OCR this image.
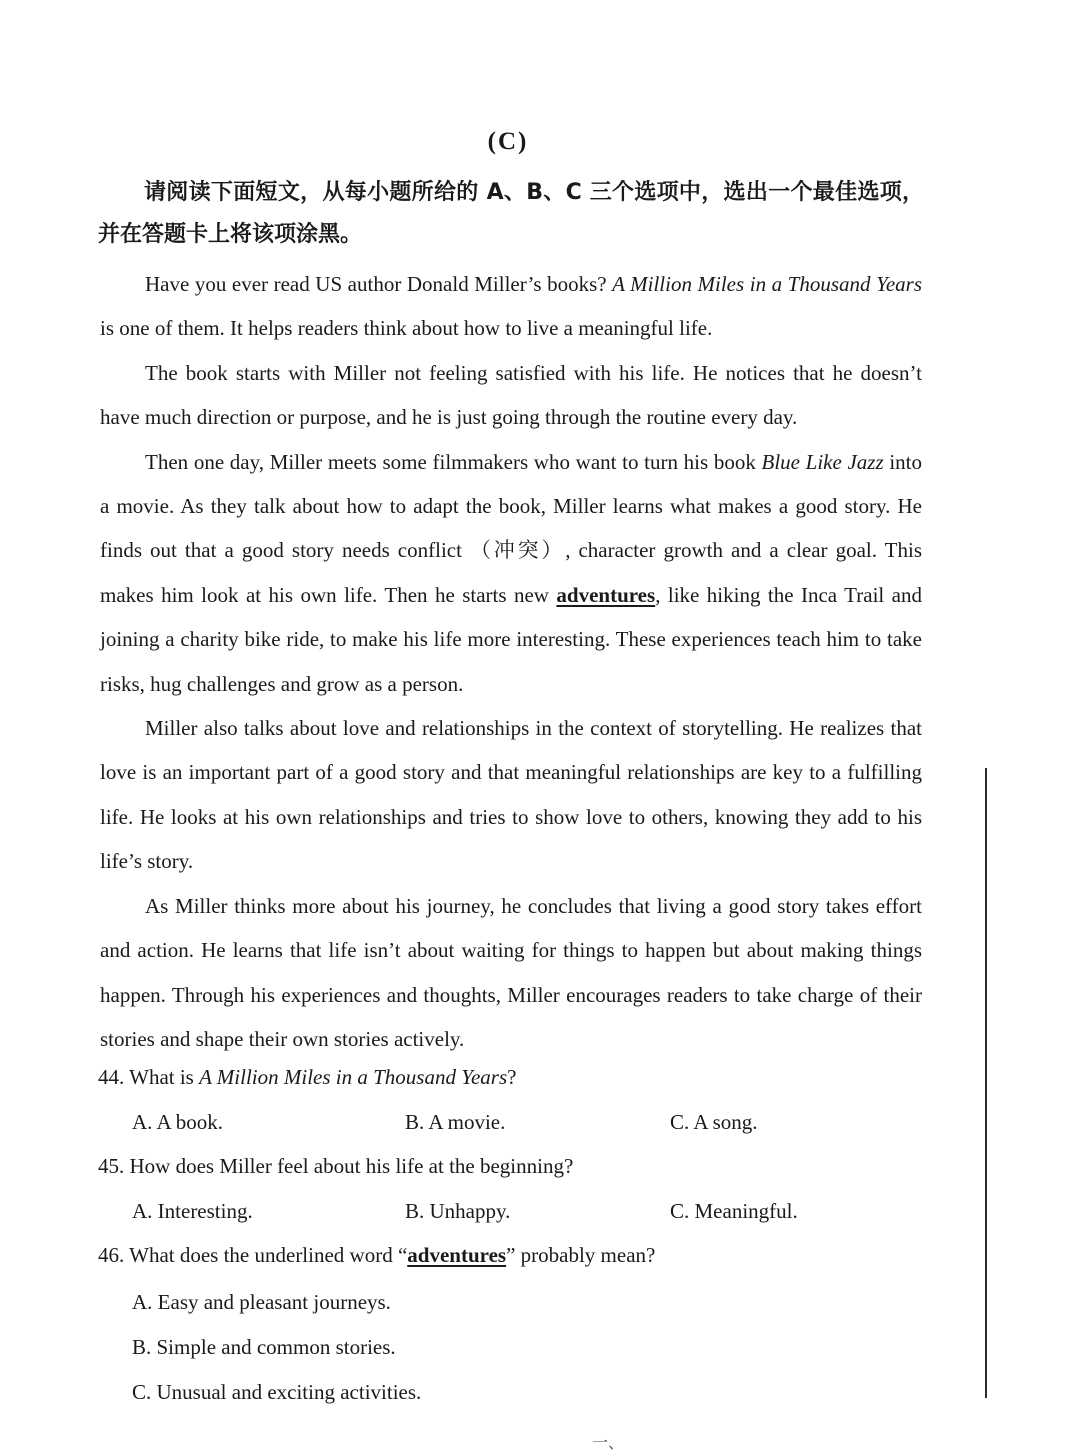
(C)

请阅读下面短文，从每小题所给的 A、B、C 三个选项中，选出一个最佳选项，并在答题卡上将该项涂黑。

Have you ever read US author Donald Miller’s books? A Million Miles in a Thousand Years is one of them. It helps readers think about how to live a meaningful life.

The book starts with Miller not feeling satisfied with his life. He notices that he doesn’t have much direction or purpose, and he is just going through the routine every day.

Then one day, Miller meets some filmmakers who want to turn his book Blue Like Jazz into a movie. As they talk about how to adapt the book, Miller learns what makes a good story. He finds out that a good story needs conflict （冲突）, character growth and a clear goal. This makes him look at his own life. Then he starts new adventures, like hiking the Inca Trail and joining a charity bike ride, to make his life more interesting. These experiences teach him to take risks, hug challenges and grow as a person.

Miller also talks about love and relationships in the context of storytelling. He realizes that love is an important part of a good story and that meaningful relationships are key to a fulfilling life. He looks at his own relationships and tries to show love to others, knowing they add to his life’s story.

As Miller thinks more about his journey, he concludes that living a good story takes effort and action. He learns that life isn’t about waiting for things to happen but about making things happen. Through his experiences and thoughts, Miller encourages readers to take charge of their stories and shape their own stories actively.

44. What is A Million Miles in a Thousand Years?
A. A book.	B. A movie.	C. A song.
45. How does Miller feel about his life at the beginning?
A. Interesting.	B. Unhappy.	C. Meaningful.
46. What does the underlined word “adventures” probably mean?
A. Easy and pleasant journeys.
B. Simple and common stories.
C. Unusual and exciting activities.
一、
